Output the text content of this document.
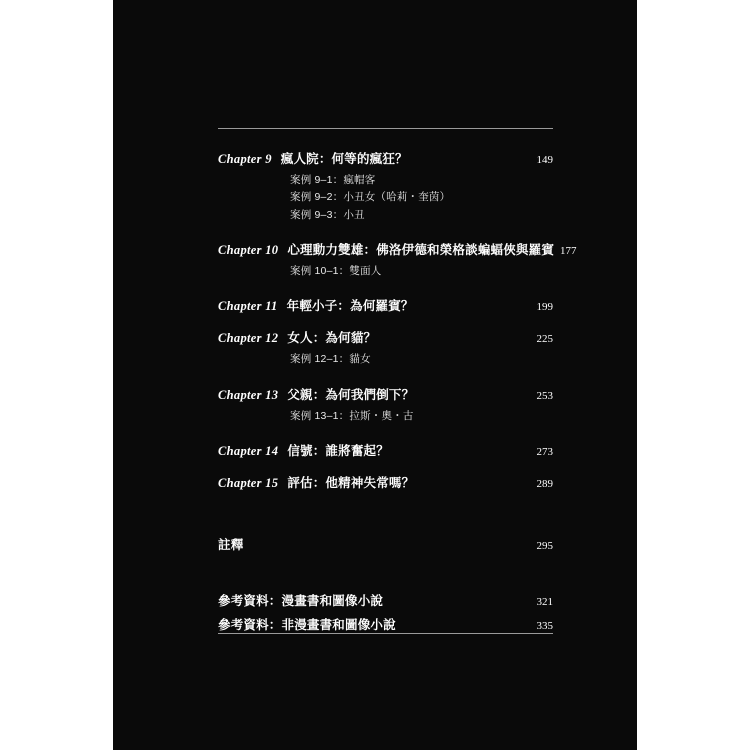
Chapter 9 瘋人院：何等的瘋狂？	149
案例 9–1：瘋帽客
案例 9–2：小丑女（哈莉・奎茵）
案例 9–3：小丑
Chapter 10 心理動力雙雄：佛洛伊德和榮格談蝙蝠俠與羅賓 177
案例 10–1：雙面人
Chapter 11 年輕小子：為何羅賓？	199
Chapter 12 女人：為何貓？	225
案例 12–1：貓女
Chapter 13 父親：為何我們倒下？	253
案例 13–1：拉斯・奧・古
Chapter 14 信號：誰將奮起？	273
Chapter 15 評估：他精神失常嗎？	289
註釋	295
參考資料：漫畫書和圖像小說	321
參考資料：非漫畫書和圖像小說	335
